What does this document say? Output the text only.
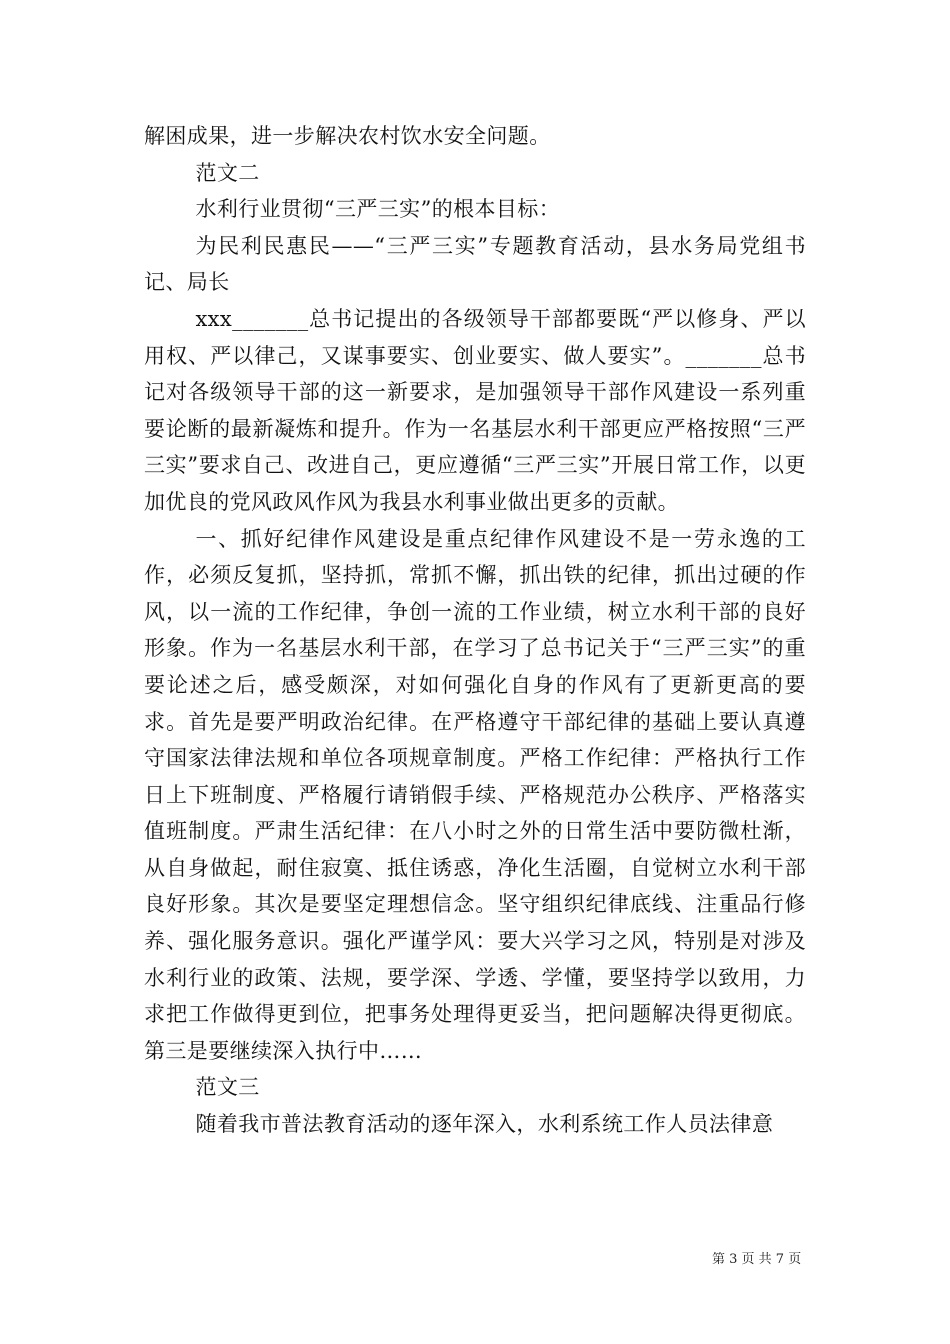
解困成果，进一步解决农村饮水安全问题。

范文二

水利行业贯彻“三严三实”的根本目标：

为民利民惠民——“三严三实”专题教育活动，县水务局党组书记、局长

xxx_______总书记提出的各级领导干部都要既“严以修身、严以用权、严以律己，又谋事要实、创业要实、做人要实”。_______总书记对各级领导干部的这一新要求，是加强领导干部作风建设一系列重要论断的最新凝炼和提升。作为一名基层水利干部更应严格按照“三严三实”要求自己、改进自己，更应遵循“三严三实”开展日常工作，以更加优良的党风政风作风为我县水利事业做出更多的贡献。

一、抓好纪律作风建设是重点纪律作风建设不是一劳永逸的工作，必须反复抓，坚持抓，常抓不懈，抓出铁的纪律，抓出过硬的作风，以一流的工作纪律，争创一流的工作业绩，树立水利干部的良好形象。作为一名基层水利干部，在学习了总书记关于“三严三实”的重要论述之后，感受颇深，对如何强化自身的作风有了更新更高的要求。首先是要严明政治纪律。在严格遵守干部纪律的基础上要认真遵守国家法律法规和单位各项规章制度。严格工作纪律：严格执行工作日上下班制度、严格履行请销假手续、严格规范办公秩序、严格落实值班制度。严肃生活纪律：在八小时之外的日常生活中要防微杜渐，从自身做起，耐住寂寞、抵住诱惑，净化生活圈，自觉树立水利干部良好形象。其次是要坚定理想信念。坚守组织纪律底线、注重品行修养、强化服务意识。强化严谨学风：要大兴学习之风，特别是对涉及水利行业的政策、法规，要学深、学透、学懂，要坚持学以致用，力求把工作做得更到位，把事务处理得更妥当，把问题解决得更彻底。第三是要继续深入执行中……

范文三

随着我市普法教育活动的逐年深入，水利系统工作人员法律意

第 3 页 共 7 页
